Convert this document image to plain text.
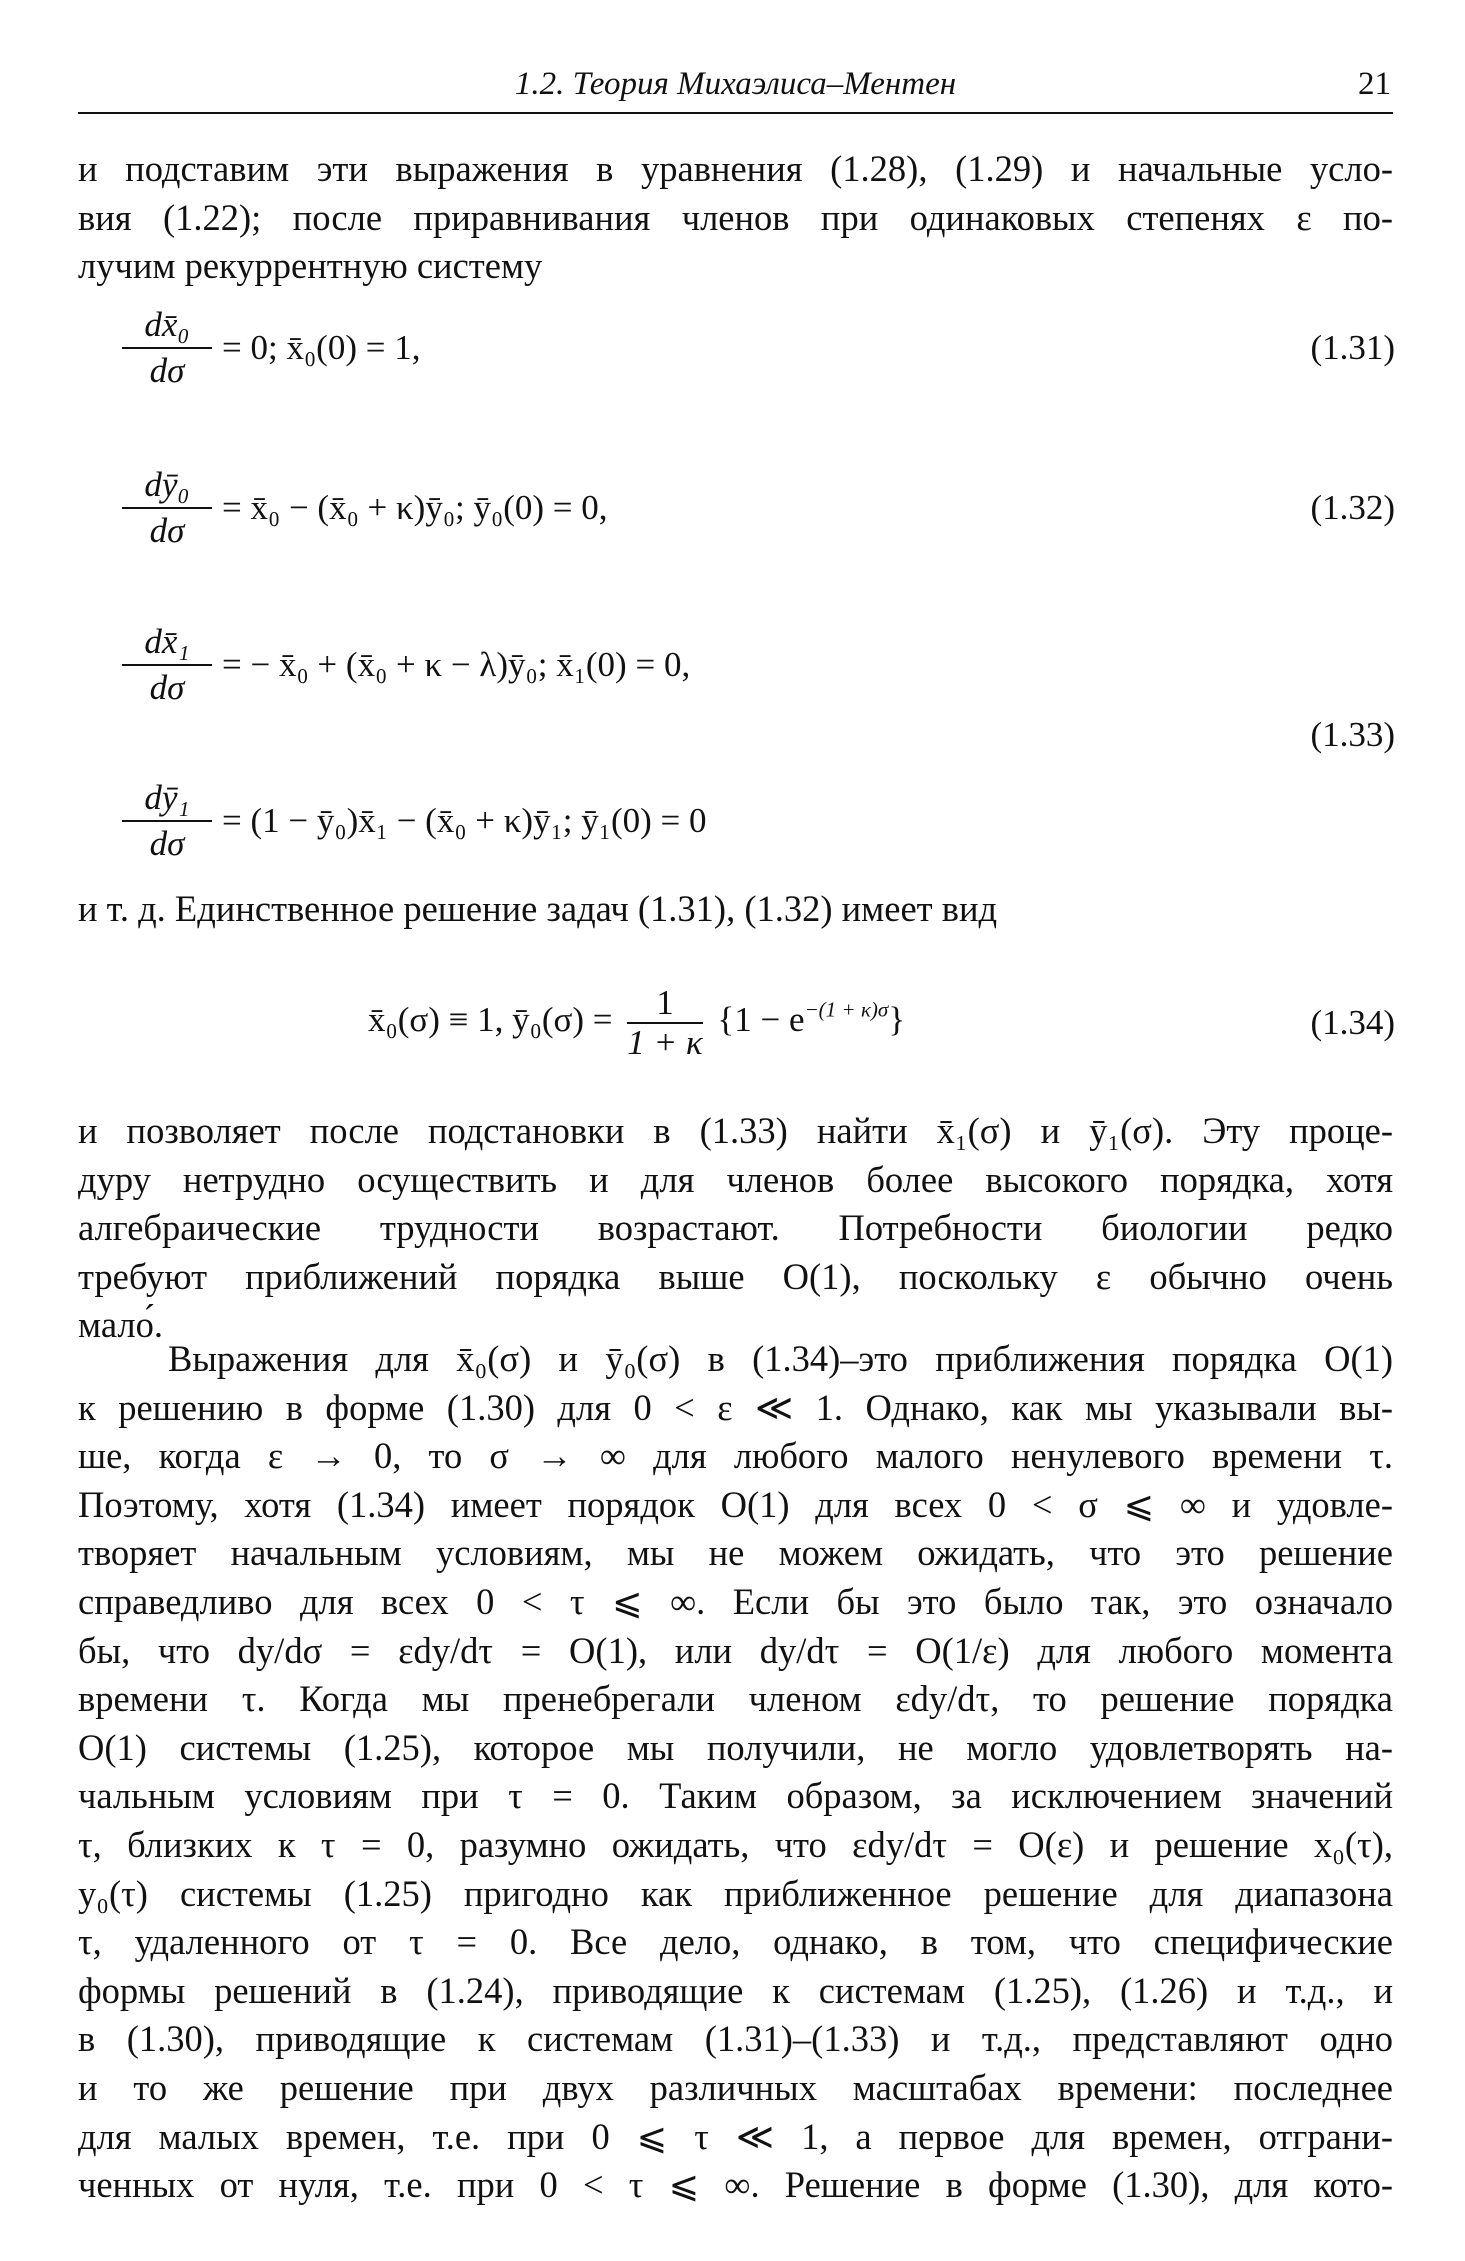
1.2. Теория Михаэлиса–Ментен	21
и подставим эти выражения в уравнения (1.28), (1.29) и начальные усло-
вия (1.22); после приравнивания членов при одинаковых степенях ε по-
лучим рекуррентную систему
dx̄₀
dσ
= 0; x̄₀(0) = 1,	(1.31)
dȳ₀
dσ
= x̄₀ − (x̄₀ + κ)ȳ₀; ȳ₀(0) = 0,	(1.32)
dx̄₁
dσ
= − x̄₀ + (x̄₀ + κ − λ)ȳ₀; x̄₁(0) = 0,
(1.33)
dȳ₁
dσ
= (1 − ȳ₀)x̄₁ − (x̄₀ + κ)ȳ₁; ȳ₁(0) = 0
и т. д. Единственное решение задач (1.31), (1.32) имеет вид
x̄₀(σ) ≡ 1, ȳ₀(σ) = $\frac{1}{1 + \kappa} \{1 - e^{-(1 + \kappa)\sigma}\}$	(1.34)
и позволяет после подстановки в (1.33) найти x̄₁(σ) и ȳ₁(σ). Эту проце-
дуру нетрудно осуществить и для членов более высокого порядка, хотя
алгебраические трудности возрастают. Потребности биологии редко
требуют приближений порядка выше O(1), поскольку ε обычно очень
мало́.
Выражения для x̄₀(σ) и ȳ₀(σ) в (1.34)–это приближения порядка O(1)
к решению в форме (1.30) для 0 < ε ≪ 1. Однако, как мы указывали вы-
ше, когда ε → 0, то σ → ∞ для любого малого ненулевого времени τ.
Поэтому, хотя (1.34) имеет порядок O(1) для всех 0 < σ ⩽ ∞ и удовле-
творяет начальным условиям, мы не можем ожидать, что это решение
справедливо для всех 0 < τ ⩽ ∞. Если бы это было так, это означало
бы, что dy/dσ = εdy/dτ = O(1), или dy/dτ = O(1/ε) для любого момента
времени τ. Когда мы пренебрегали членом εdy/dτ, то решение порядка
O(1) системы (1.25), которое мы получили, не могло удовлетворять на-
чальным условиям при τ = 0. Таким образом, за исключением значений
τ, близких к τ = 0, разумно ожидать, что εdy/dτ = O(ε) и решение x₀(τ),
y₀(τ) системы (1.25) пригодно как приближенное решение для диапазона
τ, удаленного от τ = 0. Все дело, однако, в том, что специфические
формы решений в (1.24), приводящие к системам (1.25), (1.26) и т.д., и
в (1.30), приводящие к системам (1.31)–(1.33) и т.д., представляют одно
и то же решение при двух различных масштабах времени: последнее
для малых времен, т.е. при 0 ⩽ τ ≪ 1, а первое для времен, отграни-
ченных от нуля, т.е. при 0 < τ ⩽ ∞. Решение в форме (1.30), для кото-
